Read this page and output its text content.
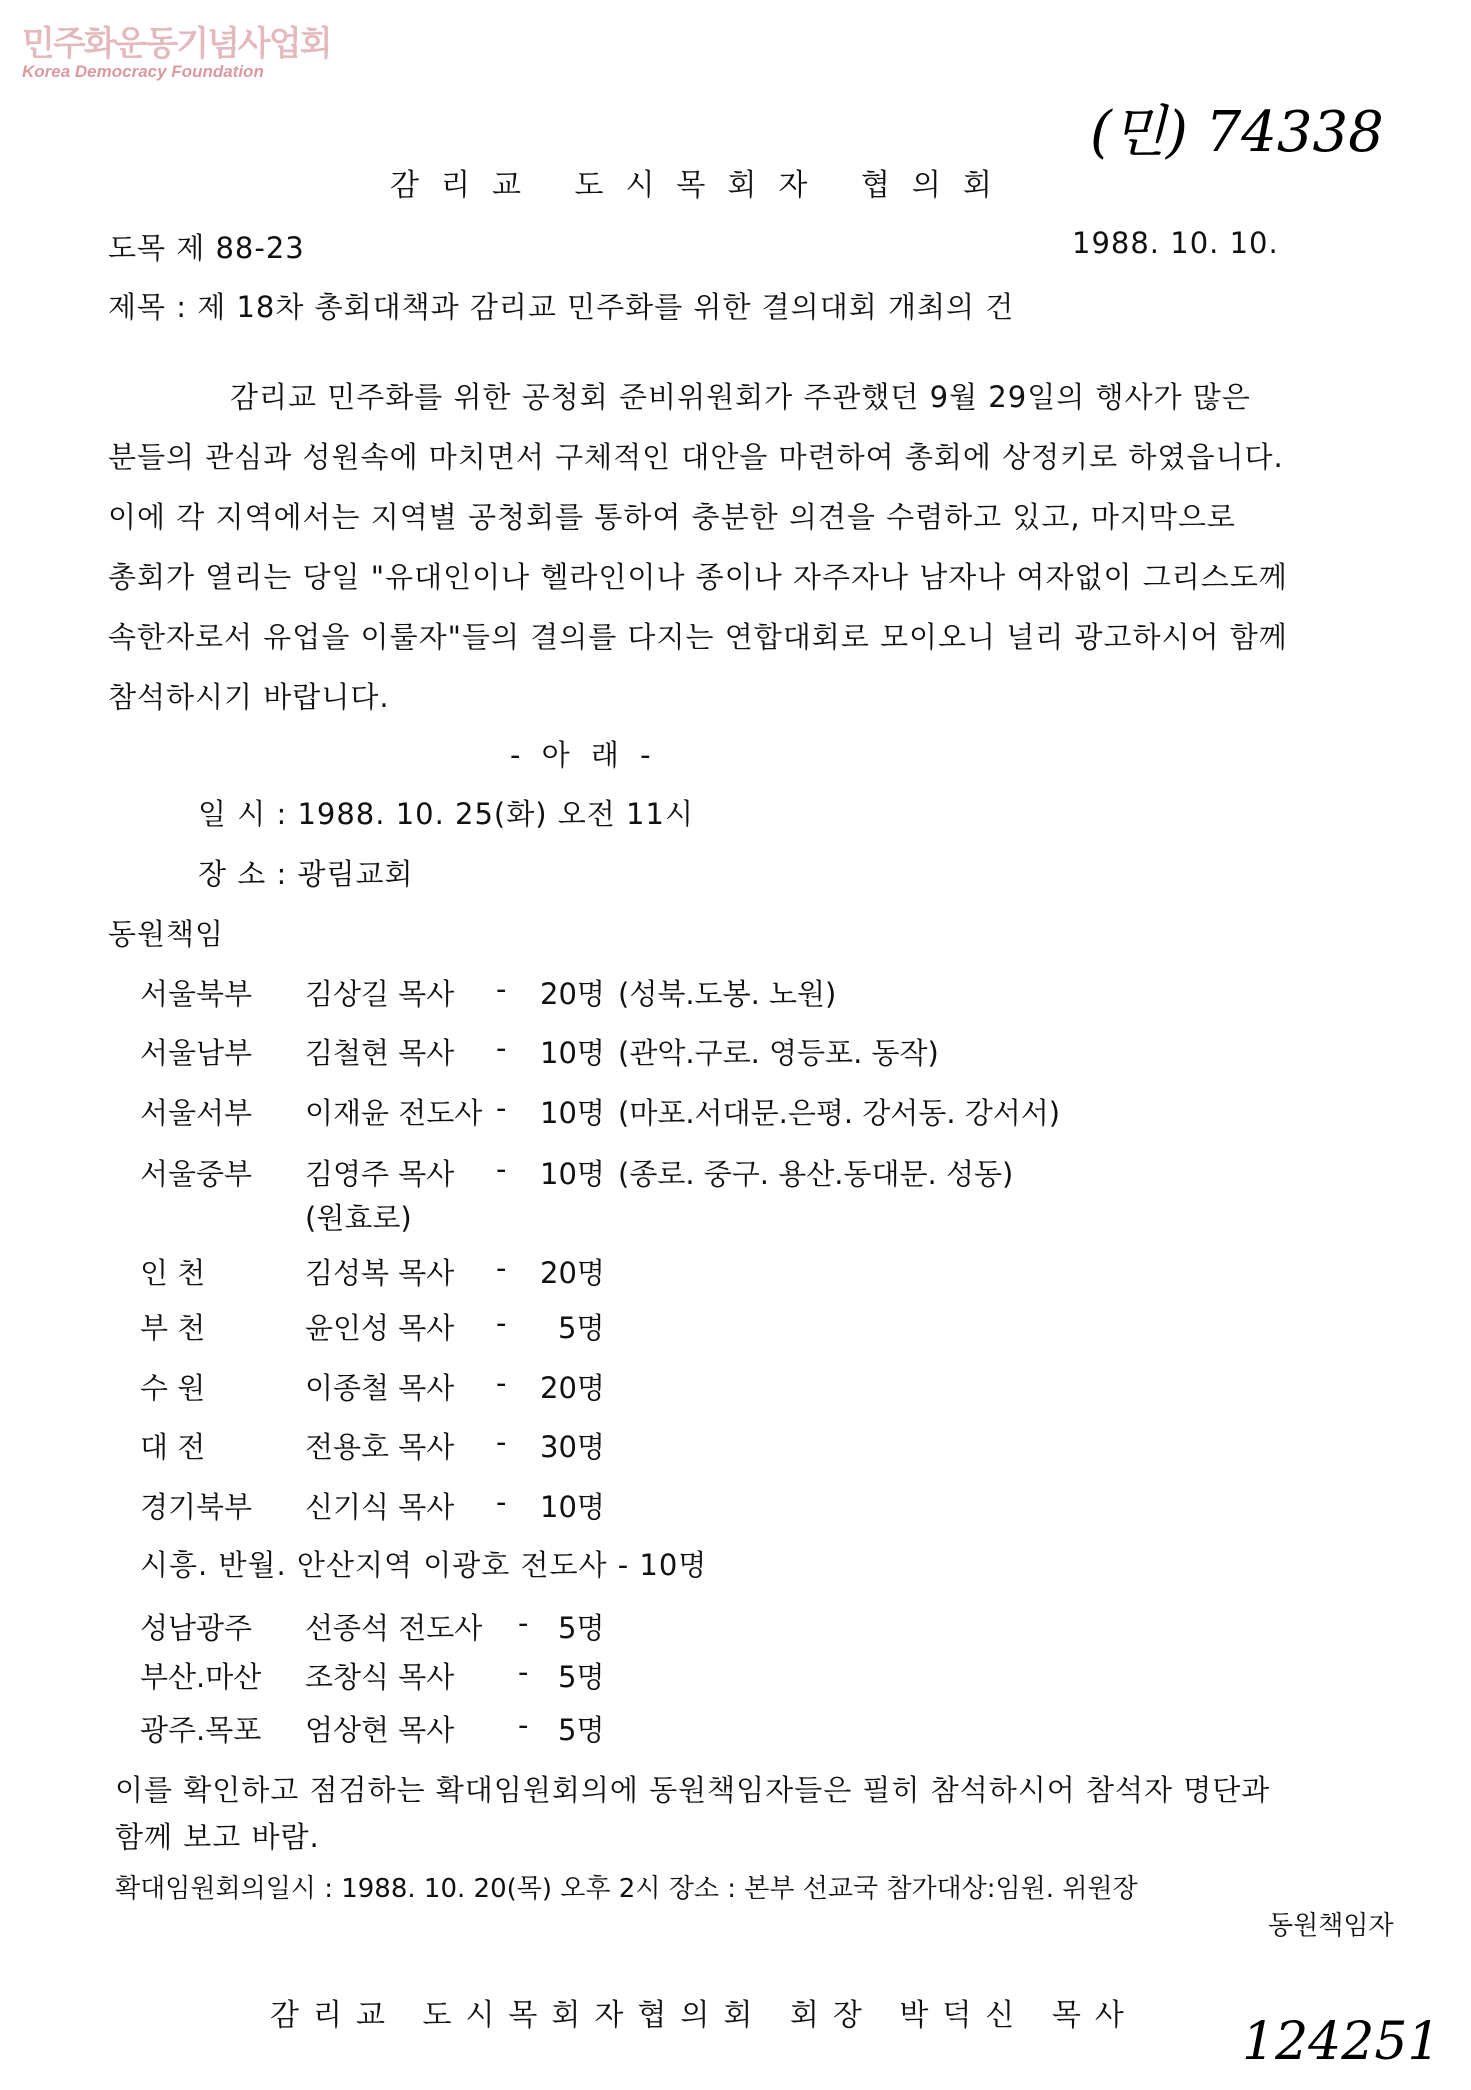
민주화운동기념사업회
Korea Democracy Foundation
(민) 74338
감리교 도시목회자 협의회
도목 제 88-23	1988. 10. 10.
제목 : 제 18차 총회대책과 감리교 민주화를 위한 결의대회 개최의 건
감리교 민주화를 위한 공청회 준비위원회가 주관했던 9월 29일의 행사가 많은
분들의 관심과 성원속에 마치면서 구체적인 대안을 마련하여 총회에 상정키로 하였읍니다.
이에 각 지역에서는 지역별 공청회를 통하여 충분한 의견을 수렴하고 있고, 마지막으로
총회가 열리는 당일 "유대인이나 헬라인이나 종이나 자주자나 남자나 여자없이 그리스도께
속한자로서 유업을 이룰자"들의 결의를 다지는 연합대회로 모이오니 널리 광고하시어 함께
참석하시기 바랍니다.
- 아 래 -
일 시 : 1988. 10. 25(화) 오전 11시
장 소 : 광림교회
동원책임
서울북부 김상길 목사 - 20명 (성북.도봉. 노원)
서울남부 김철현 목사 - 10명 (관악.구로. 영등포. 동작)
서울서부 이재윤 전도사 - 10명 (마포.서대문.은평. 강서동. 강서서)
서울중부 김영주 목사 - 10명 (종로. 중구. 용산.동대문. 성동)
(원효로)
인 천	김성복 목사 - 20명
부 천	윤인성 목사 - 5명
수 원	이종철 목사 - 20명
대 전	전용호 목사 - 30명
경기북부 신기식 목사 - 10명
시흥. 반월. 안산지역 이광호 전도사 - 10명
성남광주 선종석 전도사 - 5명
부산.마산 조창식 목사 - 5명
광주.목포 엄상현 목사 - 5명
이를 확인하고 점검하는 확대임원회의에 동원책임자들은 필히 참석하시어 참석자 명단과
함께 보고 바람.
확대임원회의일시 : 1988. 10. 20(목) 오후 2시 장소 : 본부 선교국 참가대상:임원. 위원장
동원책임자
감리교 도시목회자협의회 회장 박덕신 목사 124251
